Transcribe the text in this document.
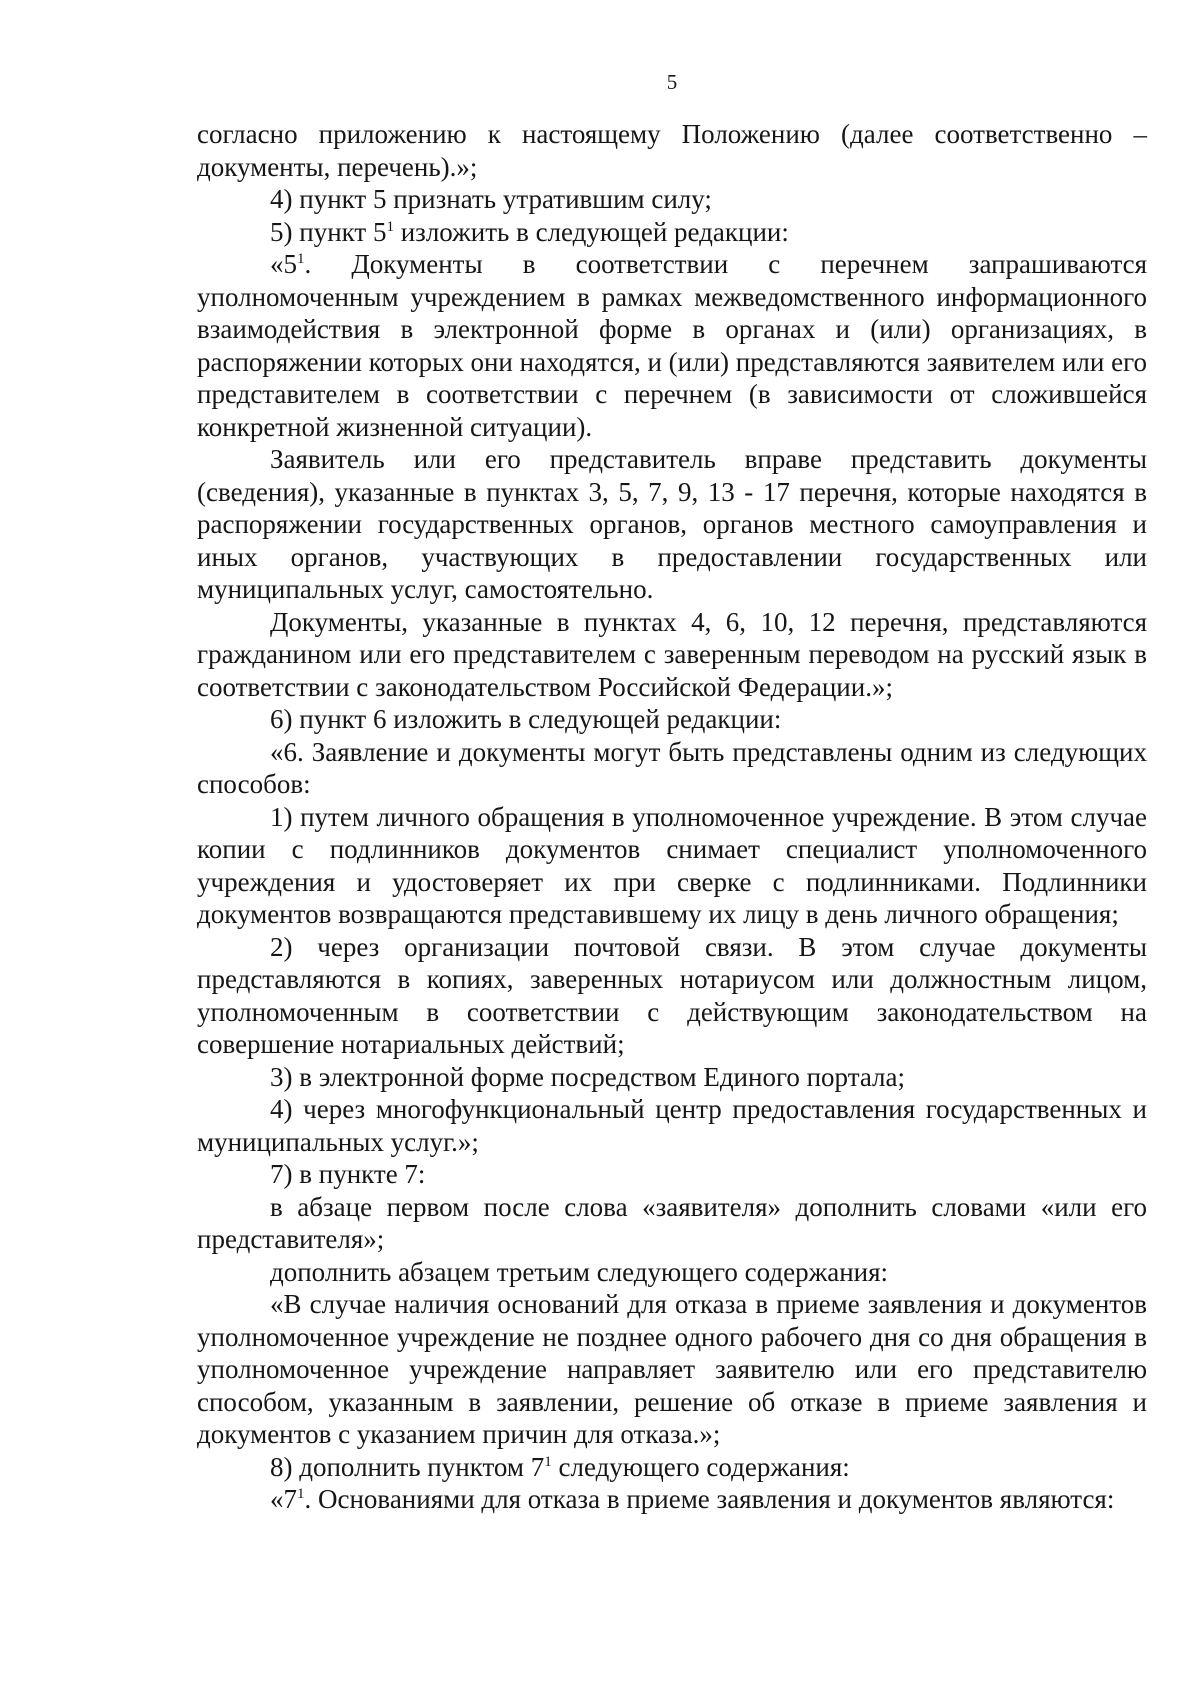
5

согласно приложению к настоящему Положению (далее соответственно – документы, перечень).»;

4) пункт 5 признать утратившим силу;

5) пункт $5^1$ изложить в следующей редакции:

«$5^1$. Документы в соответствии с перечнем запрашиваются уполномоченным учреждением в рамках межведомственного информационного взаимодействия в электронной форме в органах и (или) организациях, в распоряжении которых они находятся, и (или) представляются заявителем или его представителем в соответствии с перечнем (в зависимости от сложившейся конкретной жизненной ситуации).

Заявитель или его представитель вправе представить документы (сведения), указанные в пунктах 3, 5, 7, 9, 13 - 17 перечня, которые находятся в распоряжении государственных органов, органов местного самоуправления и иных органов, участвующих в предоставлении государственных или муниципальных услуг, самостоятельно.

Документы, указанные в пунктах 4, 6, 10, 12 перечня, представляются гражданином или его представителем с заверенным переводом на русский язык в соответствии с законодательством Российской Федерации.»;

6) пункт 6 изложить в следующей редакции:

«6. Заявление и документы могут быть представлены одним из следующих способов:

1) путем личного обращения в уполномоченное учреждение. В этом случае копии с подлинников документов снимает специалист уполномоченного учреждения и удостоверяет их при сверке с подлинниками. Подлинники документов возвращаются представившему их лицу в день личного обращения;

2) через организации почтовой связи. В этом случае документы представляются в копиях, заверенных нотариусом или должностным лицом, уполномоченным в соответствии с действующим законодательством на совершение нотариальных действий;

3) в электронной форме посредством Единого портала;

4) через многофункциональный центр предоставления государственных и муниципальных услуг.»;

7) в пункте 7:

в абзаце первом после слова «заявителя» дополнить словами «или его представителя»;

дополнить абзацем третьим следующего содержания:

«В случае наличия оснований для отказа в приеме заявления и документов уполномоченное учреждение не позднее одного рабочего дня со дня обращения в уполномоченное учреждение направляет заявителю или его представителю способом, указанным в заявлении, решение об отказе в приеме заявления и документов с указанием причин для отказа.»;

8) дополнить пунктом $7^1$ следующего содержания:

«$7^1$. Основаниями для отказа в приеме заявления и документов являются:
